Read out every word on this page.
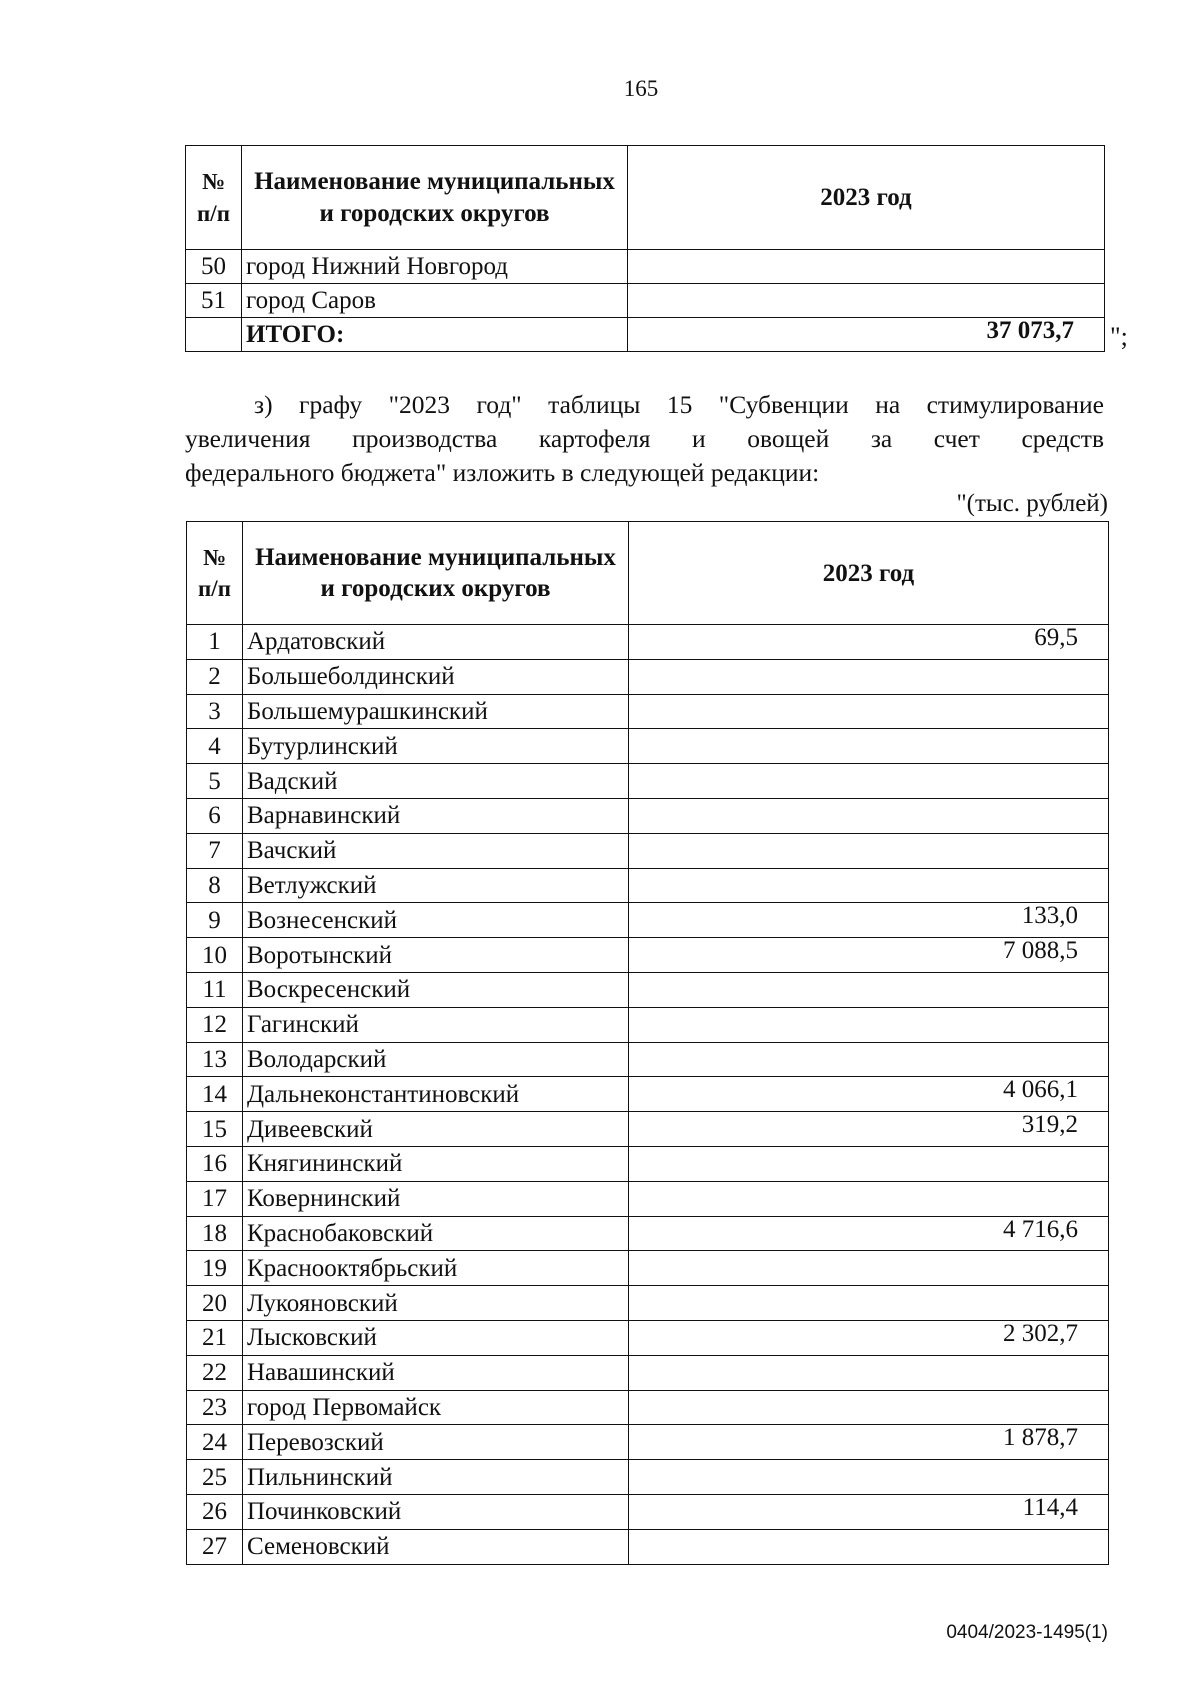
165
№ п/п	Наименование муниципальных и городских округов	2023 год
50	город Нижний Новгород	
51	город Саров	
	ИТОГО:	37 073,7 ";

з) графу "2023 год" таблицы 15 "Субвенции на стимулирование

увеличения производства картофеля и овощей за счет средств

федерального бюджета" изложить в следующей редакции:

"(тыс. рублей)
№ п/п	Наименование муниципальных и городских округов	2023 год
1	Ардатовский	69,5
2	Большеболдинский	
3	Большемурашкинский	
4	Бутурлинский	
5	Вадский	
6	Варнавинский	
7	Вачский	
8	Ветлужский	
9	Вознесенский	133,0
10	Воротынский	7 088,5
11	Воскресенский	
12	Гагинский	
13	Володарский	
14	Дальнеконстантиновский	4 066,1
15	Дивеевский	319,2
16	Княгининский	
17	Ковернинский	
18	Краснобаковский	4 716,6
19	Краснооктябрьский	
20	Лукояновский	
21	Лысковский	2 302,7
22	Навашинский	
23	город Первомайск	
24	Перевозский	1 878,7
25	Пильнинский	
26	Починковский	114,4
27	Семеновский	
0404/2023-1495(1)
